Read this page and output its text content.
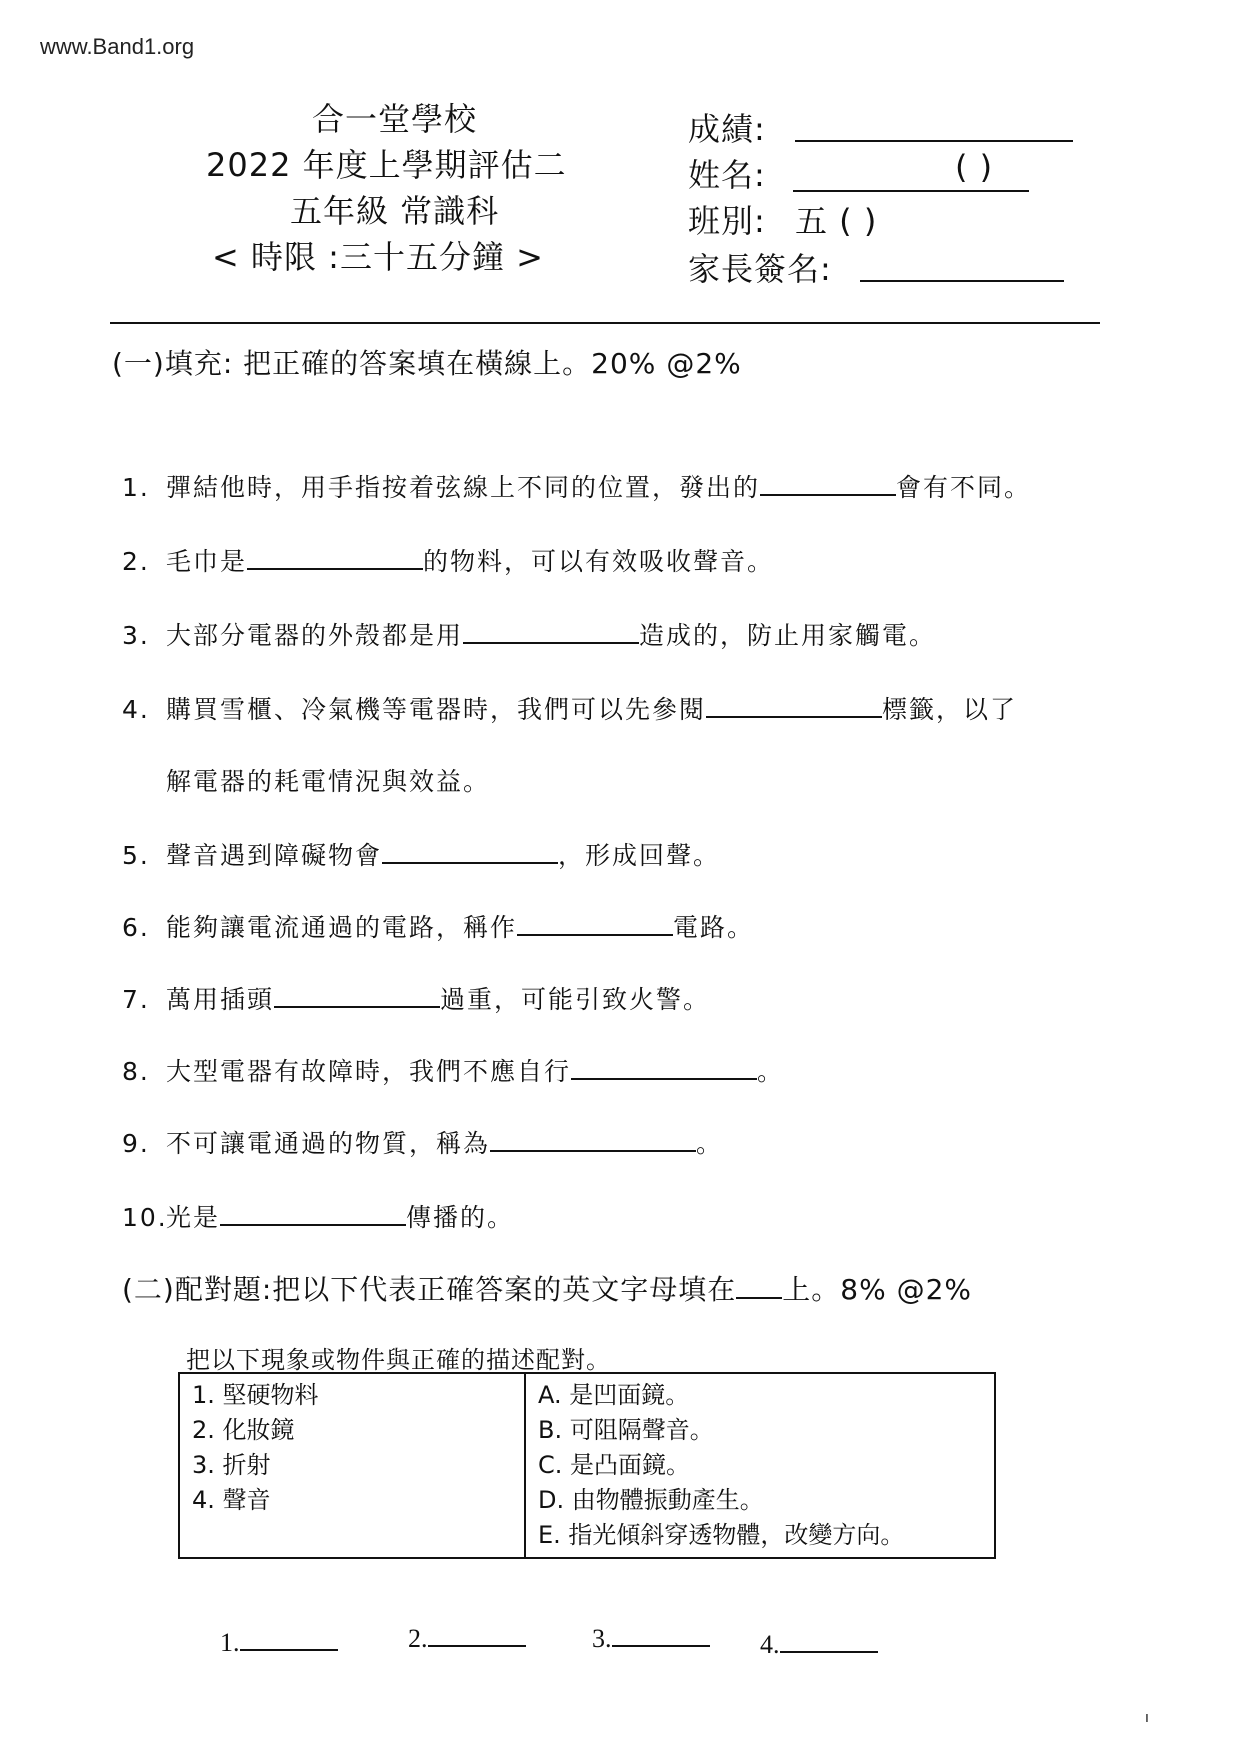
www.Band1.org
合一堂學校
2022 年度上學期評估二
五年級 常識科
< 時限 :三十五分鐘 >
成績:
姓名:	( )
班別: 五 ( )
家長簽名:
(一)填充: 把正確的答案填在橫線上。20% @2%
1. 彈結他時，用手指按着弦線上不同的位置，發出的	會有不同。
2. 毛巾是	的物料，可以有效吸收聲音。
3. 大部分電器的外殼都是用	造成的，防止用家觸電。
4. 購買雪櫃、冷氣機等電器時，我們可以先參閱	標籤，以了
解電器的耗電情況與效益。
5. 聲音遇到障礙物會	，形成回聲。
6. 能夠讓電流通過的電路，稱作	電路。
7. 萬用插頭	過重，可能引致火警。
8. 大型電器有故障時，我們不應自行	。
9. 不可讓電通過的物質，稱為	。
10.光是	傳播的。
(二)配對題:把以下代表正確答案的英文字母填在 上。8% @2%
把以下現象或物件與正確的描述配對。
1. 堅硬物料
2. 化妝鏡
3. 折射
4. 聲音

A. 是凹面鏡。
B. 可阻隔聲音。
C. 是凸面鏡。
D. 由物體振動產生。
E. 指光傾斜穿透物體，改變方向。
1.	2.	3.	4.
ı
